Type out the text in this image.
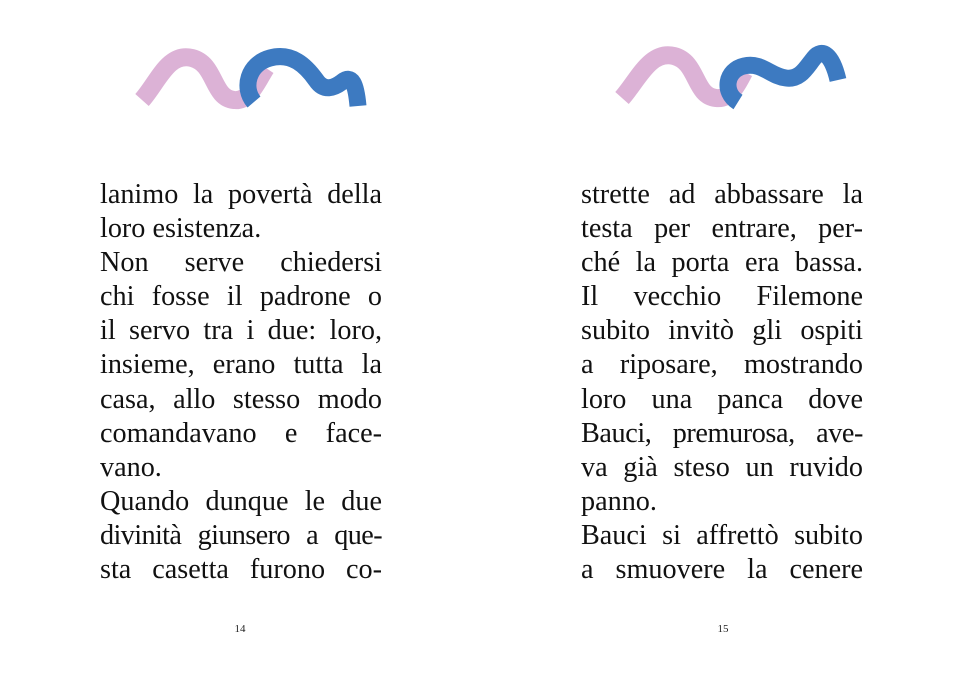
lanimo la povertà della
loro esistenza.
Non serve chiedersi
chi fosse il padrone o
il servo tra i due: loro,
insieme, erano tutta la
casa, allo stesso modo
comandavano e face-
vano.
Quando dunque le due
divinità giunsero a que-
sta casetta furono co-
14
strette ad abbassare la
testa per entrare, per-
ché la porta era bassa.
Il vecchio Filemone
subito invitò gli ospiti
a riposare, mostrando
loro una panca dove
Bauci, premurosa, ave-
va già steso un ruvido
panno.
Bauci si affrettò subito
a smuovere la cenere
15
